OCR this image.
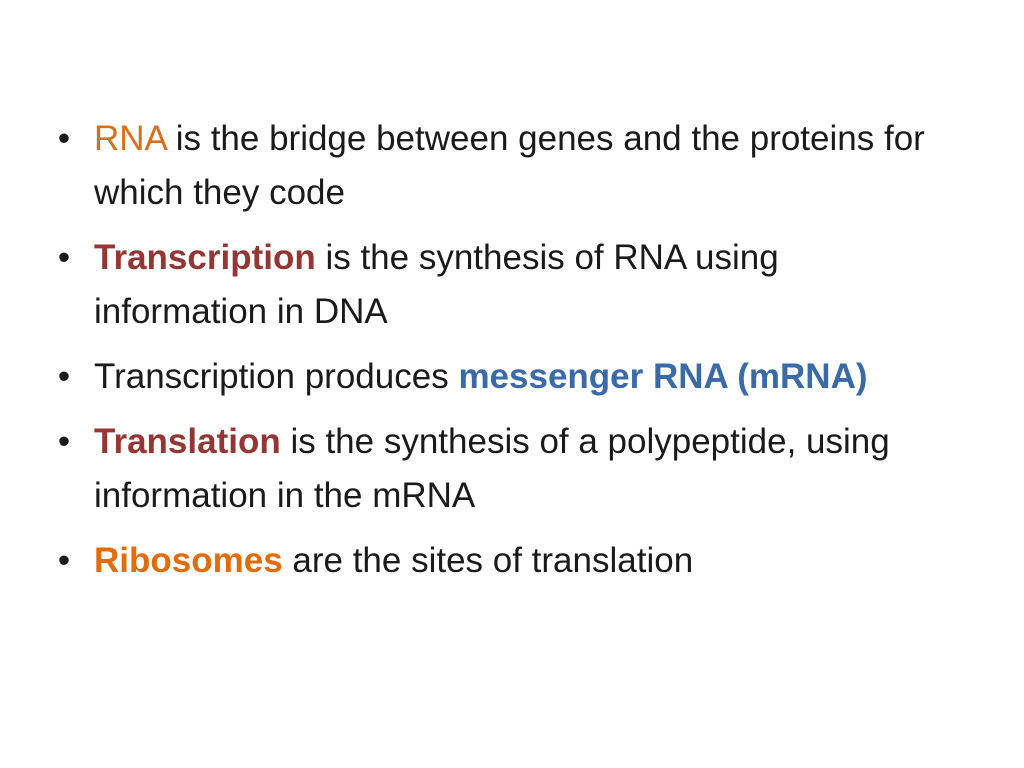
• RNA is the bridge between genes and the proteins for which they code
• Transcription is the synthesis of RNA using information in DNA
• Transcription produces messenger RNA (mRNA)
• Translation is the synthesis of a polypeptide, using information in the mRNA
• Ribosomes are the sites of translation
